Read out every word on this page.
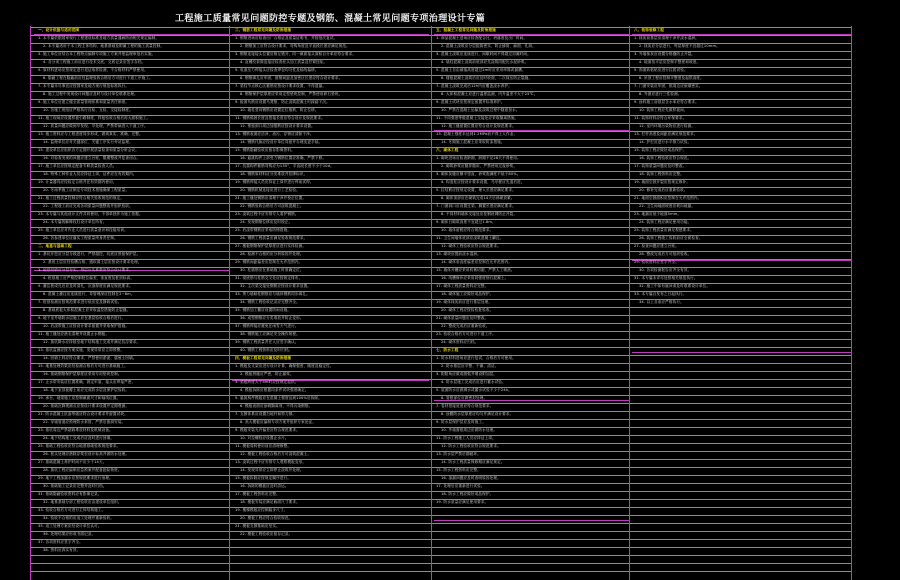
工程施工质量常见问题防控专题及钢筋、混凝土常见问题专项治理设计专篇
一、设计依据与适用范围
1. 本专篇依据国家现行工程建设标准及地方质量通病防治相关规定编制。
2. 本专篇适用于本工程主体结构、地基基础及附属工程的施工质量控制。
3. 施工单位应结合本工程特点编制专项施工方案并报监理审批后实施。
4. 各分项工程施工前应进行技术交底，交底记录应签字存档。
5. 原材料进场应按规定进行见证取样检测，不合格材料严禁使用。
6. 隐蔽工程在隐蔽前应经监理验收合格后方可进行下道工序施工。
7. 本专篇未尽事宜应按国家及地方现行规范标准执行。
8. 施工过程中发现设计问题应及时与设计单位联系处理。
9. 施工单位应建立健全质量管理体系和质量责任制度。
10. 各施工班组应严格执行自检、互检、交接检制度。
11. 施工现场应设置样板引路制度，样板验收合格后再大面积施工。
12. 质量问题应做到早发现、早处理，严禁带病进入下道工序。
13. 施工资料应与工程进度同步形成，做到真实、准确、完整。
14. 监理单位应对关键部位、关键工序实行旁站监理。
15. 建设单位应组织各方定期开展质量检查和质量分析会议。
16. 对检查发现的问题应建立台账，限期整改并复查闭合。
17. 施工单位应按规定配备专职质量检查人员。
18. 特殊工种作业人员应持证上岗，证件应在有效期内。
19. 计量器具应经检定合格并在有效期内使用。
20. 冬雨季施工应制定专项技术措施确保工程质量。
21. 施工过程质量控制应符合相关验收规范的规定。
22. 工程竣工前应完成各项质量问题整改并组织验收。
23. 本专篇与其他设计文件共同使用，不得单独作为施工依据。
24. 本专篇的解释权归设计单位所有。
25. 施工单位应对作业人员进行质量意识和技能培训。
26. 各参建单位应落实工程质量终身责任制。
二、地基与基础工程
1. 基坑开挖应分层分段进行，严禁超挖，坑底应预留保护层。
2. 基底土层应经验槽合格，遇软弱土层应按设计要求处理。
3. 地基回填应分层夯实，每层压实系数应符合设计要求。
4. 桩基施工应严格控制桩位偏差、垂直度及桩顶标高。
5. 灌注桩成孔后应及时清孔，沉渣厚度应满足规范要求。
6. 混凝土灌注应连续进行，导管埋深应控制在2~6m。
7. 桩基检测应按规范要求进行低应变及静载试验。
8. 基础底板大体积混凝土应采取温控措施防止裂缝。
9. 地下室外墙防水层施工应在基层验收合格后进行。
10. 后浇带施工应按设计要求留置并采取保护措施。
11. 施工缝处应凿毛清理并设置止水钢板。
12. 基坑降水应持续至地下结构施工完成并满足抗浮要求。
13. 基坑监测应按方案实施，发现异常应立即预警。
14. 回填土料应符合要求，严禁使用淤泥、腐殖土回填。
15. 地基处理效果应经检测合格后方可进行基础施工。
16. 基础钢筋保护层厚度应采用专用垫块控制。
17. 止水带安装应位置准确、固定牢靠，接头应焊接严密。
18. 地下室顶板覆土前应完成防水层及保护层验收。
19. 承台、地梁施工应控制截面尺寸和轴线位置。
20. 基础沉降观测点应按设计要求设置并定期观测。
21. 防水混凝土抗渗等级应符合设计要求并留置试块。
22. 穿墙管道应预埋防水套管，严禁后凿洞安装。
23. 基坑周边严禁超载堆放材料及机械设备。
24. 地下结构施工完成后应及时进行回填。
25. 基础工程验收应符合地基基础验收规范要求。
26. 桩头处理应凿除浮浆至设计标高并做防水处理。
27. 基础混凝土养护时间不应少于14天。
28. 基坑工程应编制应急预案并配备抢险物资。
29. 地下工程渗漏水应按规范要求进行治理。
30. 基础施工记录应完整并及时归档。
31. 基础隐蔽验收资料应有影像记录。
32. 地基基础分部工程验收应由建设单位组织。
33. 验收合格后方可进行主体结构施工。
34. 验收不合格的应返工处理并重新验收。
35. 返工处理方案应经设计单位认可。
36. 处理结果应形成书面记录。
37. 各项资料应签字齐全。
38. 资料应真实有效。
三、钢筋工程常见问题及防治措施
1. 钢筋进场应检查出厂合格证及质量证明书，并按批次复试。
2. 钢筋加工应符合设计要求，弯钩角度及平直段长度应满足规范。
3. 钢筋连接接头位置应相互错开，同一截面接头面积百分率应符合要求。
4. 直螺纹套筒连接应检查丝头加工质量及拧紧扭矩。
5. 电渣压力焊接头应检查焊包均匀性及轴线偏移。
6. 钢筋绑扎应牢固，箍筋间距及加密区长度应符合设计要求。
7. 梁柱节点核心区箍筋应按设计要求设置，不得遗漏。
8. 钢筋保护层厚度应采用定型垫块控制，严禁使用碎石垫块。
9. 板面负筋应设置马凳筋，防止浇筑混凝土时踩踏下沉。
10. 墙柱竖向钢筋应设置定位箍筋，防止位移。
11. 钢筋锚固长度及搭接长度应符合设计及规范要求。
12. 预留洞口周边加强筋应按设计要求设置。
13. 钢筋表面应洁净，油污、浮锈应清除干净。
14. 钢筋代换应经设计单位同意并办理变更手续。
15. 钢筋隐蔽验收应留存影像资料。
16. 悬挑构件上部受力钢筋位置应准确，严禁下移。
17. 抗震构件箍筋弯钩应为135°，平直段长度不小于10d。
18. 钢筋原材料应分类堆放并挂牌标识。
19. 钢筋焊接人员应持证上岗并进行焊前试焊。
20. 钢筋机械连接应进行工艺检验。
21. 施工缝处钢筋应清理干净并校正位置。
22. 钢筋验收合格后方可浇筑混凝土。
23. 浇筑过程中应安排专人看护钢筋。
24. 发现钢筋位移应及时校正。
25. 后浇带钢筋应采取防锈措施。
26. 钢筋工程质量应满足验收规范要求。
27. 楼板钢筋保护层厚度应进行实体检测。
28. 检测不合格的应分析原因并处理。
29. 钢筋间距偏差应控制在允许范围内。
30. 柱插筋应在基础施工时准确定位。
31. 梁底筋与柱筋交叉处应按规定排布。
32. 主次梁交接处钢筋应按设计要求放置。
33. 剪力墙暗柱钢筋应与墙体钢筋同步绑扎。
34. 钢筋工程验收记录应完整齐全。
35. 钢筋加工棚应设置防雨设施。
36. 成型钢筋应分类堆放并防止变形。
37. 钢筋焊接应避免在雨雪天气进行。
38. 钢筋施工应满足安全操作规程。
39. 钢筋工程质量责任人应签字确认。
40. 钢筋工程资料应及时归档。
四、模板工程常见问题及防治措施
1. 模板及支架应进行设计计算，确保强度、刚度及稳定性。
2. 模板拼缝应严密，防止漏浆。
3. 梁板跨度大于4m时应按规定起拱。
4. 模板拆除应根据同条件试块强度确定。
5. 悬挑构件模板应在混凝土强度达到100%后拆除。
6. 模板表面应涂刷隔离剂，不得污染钢筋。
7. 支撑体系应设置扫地杆和剪刀撑。
8. 高大模板应编制专项方案并组织专家论证。
9. 模板安装允许偏差应符合规范要求。
10. 对拉螺栓应设置止水片。
11. 模板周转使用前应清理修整。
12. 模板工程验收合格后方可浇筑混凝土。
13. 浇筑过程中应安排专人观察模板变形。
14. 发现异常应立即停止浇筑并处理。
15. 模板拆除应按规定顺序进行。
16. 拆除的模板应及时清运。
17. 模板工程资料应完整。
18. 模板安装应满足截面尺寸要求。
19. 楼梯模板应控制踏步尺寸。
20. 模板工程应符合验收规范。
21. 模板支撑基础应坚实。
22. 模板工程验收应留存记录。
五、混凝土工程常见问题及防治措施
1. 商品混凝土进场应检查配合比、坍落度及出厂时间。
2. 混凝土浇筑应分层振捣密实，防止蜂窝、麻面、孔洞。
3. 混凝土浇筑应连续进行，间歇时间不得超过初凝时间。
4. 墙柱混凝土浇筑前底部应先浇筑同配比水泥砂浆。
5. 混凝土自由倾落高度超过2m时应采用串筒或溜槽。
6. 楼板混凝土浇筑后应及时收面，二次抹压防止裂缝。
7. 混凝土浇筑完成后12h内应覆盖浇水养护。
8. 大体积混凝土应进行温度监测，内外温差不大于25℃。
9. 混凝土试块应按规定留置并标准养护。
10. 严禁在混凝土运输及浇筑过程中随意加水。
11. 不同强度等级混凝土交接处应采取隔离措施。
12. 施工缝留置位置应符合设计及规范要求。
13. 混凝土强度未达到1.2MPa前不得上人作业。
14. 冬期施工混凝土应采取防冻措施。
六、砌体工程
1. 砌块进场应检查龄期，龄期不足28天不得使用。
2. 砌筑砂浆应随拌随用，严禁使用过夜砂浆。
3. 砌体灰缝应横平竖直，砂浆饱满度不低于80%。
4. 构造柱应按设计要求设置，马牙槎应先退后进。
5. 拉结筋应按规定设置，埋入长度应满足要求。
6. 砌体顶部应在砌筑完成14天后斜砌顶紧。
7. 门窗洞口应设置过梁，搁置长度应满足要求。
8. 不同材料墙体交接处应挂钢丝网防止开裂。
9. 砌体日砌筑高度不宜超过1.8m。
10. 墙体留槎应符合规范要求。
11. 卫生间墙体底部应浇筑混凝土翻边。
12. 砌体工程验收应符合规范要求。
13. 砌块应提前浇水湿润。
14. 砌体垂直度偏差应控制在允许范围内。
15. 墙体开槽应采用机械切割，严禁人工剔凿。
16. 线槽修补应采用同强度细石混凝土。
17. 砌体工程质量资料应完整。
18. 砌体施工应做好成品保护。
19. 砌体抹灰前应进行基层处理。
20. 砌体工程应按检验批验收。
21. 砌体质量问题应及时整改。
22. 整改完成后应重新验收。
23. 验收合格后方可进行下道工序。
24. 砌体资料应归档。
七、防水工程
1. 防水材料进场应进行复试，合格后方可使用。
2. 防水基层应平整、干燥、清洁。
3. 阴阳角应做成圆弧并增设附加层。
4. 防水层施工完成后应进行蓄水试验。
5. 屋面防水应做淋水或蓄水试验不少于24h。
6. 管根部位应做密封处理。
7. 卷材搭接宽度应符合规范要求。
8. 涂膜防水层厚度应均匀并满足设计要求。
9. 防水层保护层应及时施工。
10. 外墙窗框周边应做防水处理。
11. 防水工程施工人员应持证上岗。
12. 防水工程验收应符合规范要求。
13. 防水层严禁后期破坏。
14. 防水工程质量保修期应满足规定。
15. 防水工程资料应完整。
16. 渗漏问题应及时查明原因处理。
17. 处理后应重新进行试验。
18. 防水工程应做好成品保护。
19. 防水质量应满足使用要求。
八、装饰装修工程
1. 抹灰前基层应清理干净并浇水湿润。
2. 抹灰应分层进行，每层厚度不宜超过10mm。
3. 外墙抹灰应设置分格缝防止开裂。
4. 地面找平层应控制平整度和坡度。
5. 饰面砖粘贴应进行拉拔试验。
6. 吊顶工程应控制平整度及起拱高度。
7. 门窗安装应牢固，框周边应嵌填密实。
8. 外窗应进行三性检测。
9. 涂料施工前基层含水率应符合要求。
10. 装饰工程应先做样板间。
11. 装饰材料应符合环保要求。
12. 室内环境污染物应进行检测。
13. 栏杆高度及间距应满足规范要求。
14. 护栏应进行水平推力试验。
15. 装饰工程应做好成品保护。
16. 装饰工程验收应符合规范。
17. 装饰质量问题应及时整改。
18. 装饰工程资料应完整。
19. 墙面空鼓开裂应按规定修补。
20. 修补完成后应重新验收。
21. 地面空鼓面积应控制在允许范围内。
22. 卫生间地面坡度应坡向地漏。
23. 地漏应低于地面5mm。
24. 装饰工程应满足使用功能。
25. 装饰工程质量应满足观感要求。
26. 装饰工程竣工验收前应全面检查。
27. 检查问题应建立台账。
28. 整改完成后方可组织验收。
29. 验收资料应签字齐全。
30. 各项检测报告应齐全有效。
31. 本专篇未详尽处按相关规范执行。
32. 施工中如有疑问请及时联系设计单位。
33. 本专篇自发布之日起执行。
34. 以上各条应严格执行。
